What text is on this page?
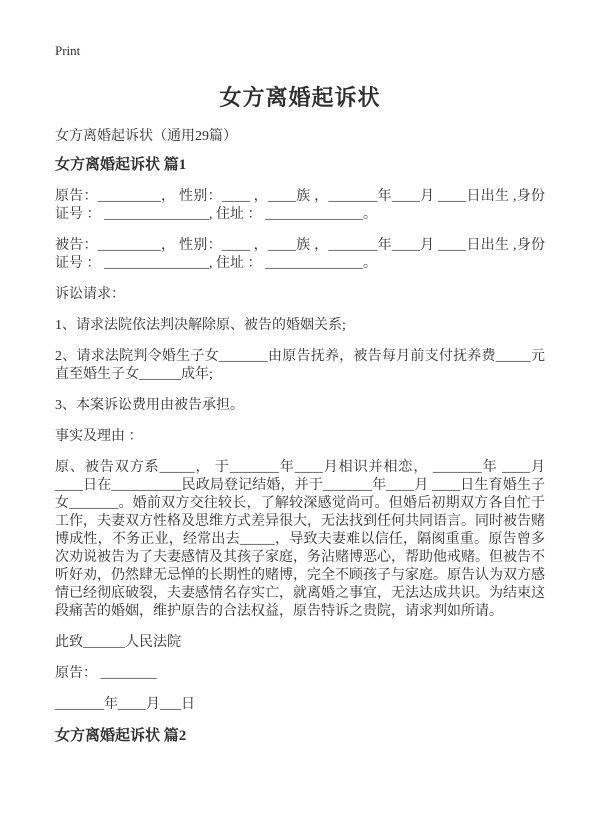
Print
女方离婚起诉状

女方离婚起诉状（通用29篇）

女方离婚起诉状 篇1

原告：_________， 性别：____ ，____族 ，_______年____月 ____日出生 ,身份证号 ： _______________, 住址 ： ______________。

被告：_________， 性别：____ ，____族 ，_______年____月 ____日出生 ,身份证号 ： _______________, 住址 ： ______________。

诉讼请求：

1、请求法院依法判决解除原、被告的婚姻关系;

2、请求法院判令婚生子女_______由原告抚养，被告每月前支付抚养费_____元直至婚生子女______成年;

3、本案诉讼费用由被告承担。

事实及理由 ：

原、被告双方系_____， 于_______年____月相识并相恋， _______年 ____月____日在__________民政局登记结婚，并于_______年____月 ____日生育婚生子女_______。婚前双方交往较长，了解较深感觉尚可。但婚后初期双方各自忙于工作，夫妻双方性格及思维方式差异很大，无法找到任何共同语言。同时被告赌博成性，不务正业，经常出去_____，导致夫妻难以信任，隔阂重重。原告曾多次劝说被告为了夫妻感情及其孩子家庭，务沾赌博恶心，帮助他戒赌。但被告不听好劝，仍然肆无忌惮的长期性的赌博，完全不顾孩子与家庭。原告认为双方感情已经彻底破裂，夫妻感情名存实亡，就离婚之事宜，无法达成共识。为结束这段痛苦的婚姻，维护原告的合法权益，原告特诉之贵院，请求判如所请。

此致______人民法院

原告： ________

_______年____月___日

女方离婚起诉状 篇2
